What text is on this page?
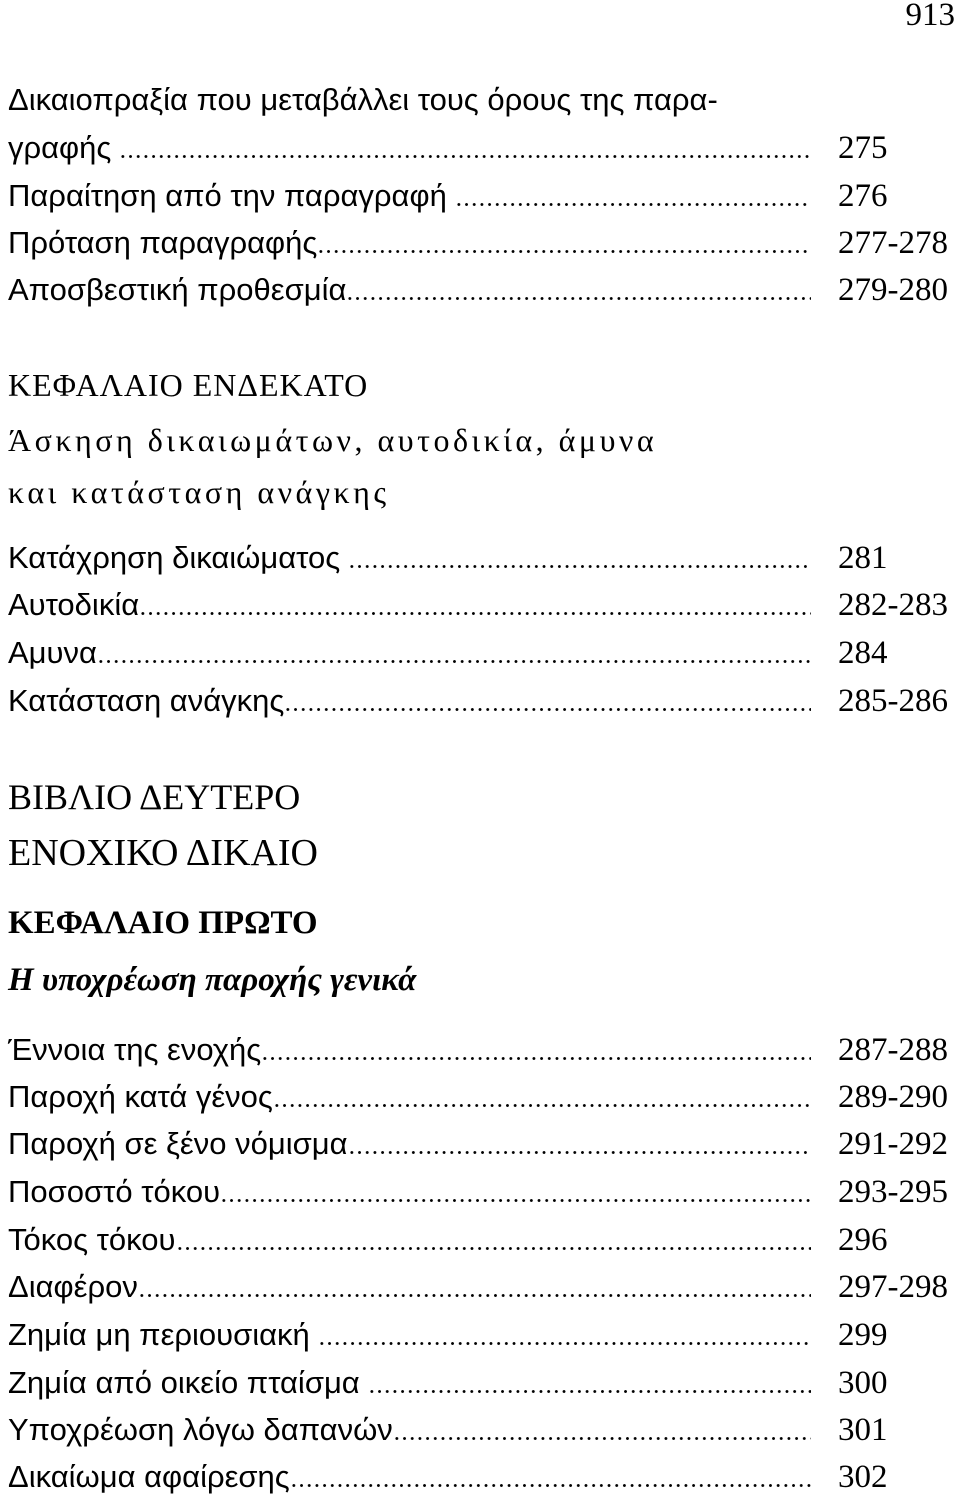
913
Δικαιοπραξία που μεταβάλλει τους όρους της παρα-
γραφής	275
Παραίτηση από την παραγραφή	276
Πρόταση παραγραφής	277-278
Αποσβεστική προθεσμία	279-280
ΚΕΦΑΛΑΙΟ ΕΝΔΕΚΑΤΟ
Άσκηση δικαιωμάτων, αυτοδικία, άμυνα
και κατάσταση ανάγκης
Κατάχρηση δικαιώματος	281
Αυτοδικία	282-283
Αμυνα	284
Κατάσταση ανάγκης	285-286
ΒΙΒΛΙΟ ΔΕΥΤΕΡΟ
ΕΝΟΧΙΚΟ ΔΙΚΑΙΟ
ΚΕΦΑΛΑΙΟ ΠΡΩΤΟ
Η υποχρέωση παροχής γενικά
Έννοια της ενοχής	287-288
Παροχή κατά γένος	289-290
Παροχή σε ξένο νόμισμα	291-292
Ποσοστό τόκου	293-295
Τόκος τόκου	296
Διαφέρον	297-298
Ζημία μη περιουσιακή	299
Ζημία από οικείο πταίσμα	300
Υποχρέωση λόγω δαπανών	301
Δικαίωμα αφαίρεσης	302
